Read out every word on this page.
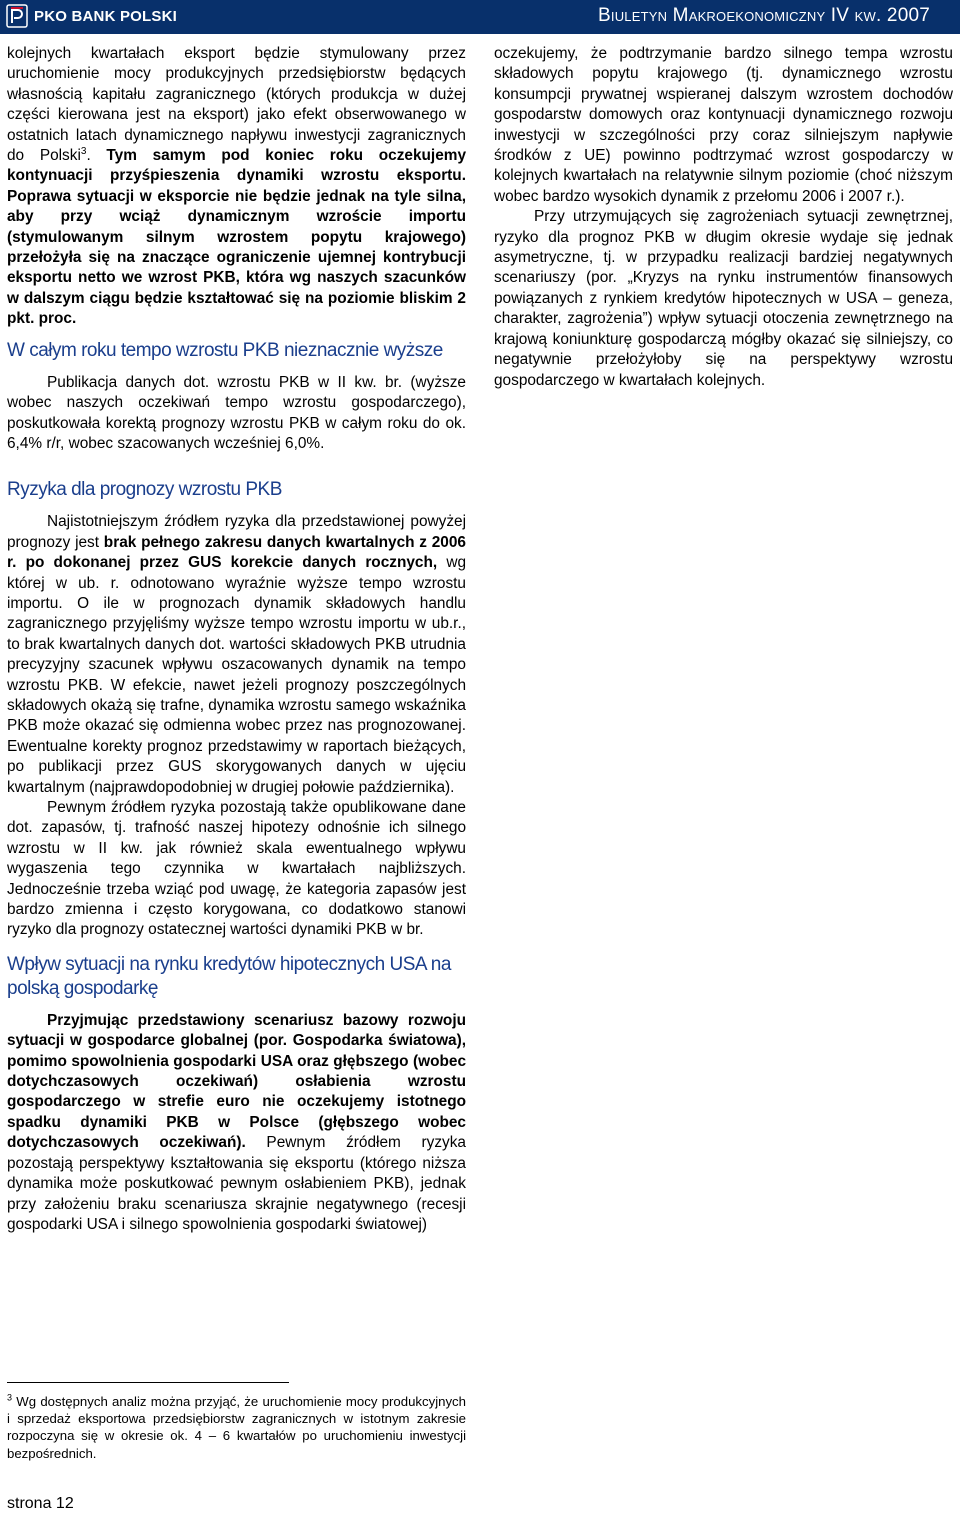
PKO BANK POLSKI	Biuletyn Makroekonomiczny IV kw. 2007

kolejnych kwartałach eksport będzie stymulowany przez uruchomienie mocy produkcyjnych przedsiębiorstw będących własnością kapitału zagranicznego (których produkcja w dużej części kierowana jest na eksport) jako efekt obserwowanego w ostatnich latach dynamicznego napływu inwestycji zagranicznych do Polski$^3$. Tym samym pod koniec roku oczekujemy kontynuacji przyśpieszenia dynamiki wzrostu eksportu. Poprawa sytuacji w eksporcie nie będzie jednak na tyle silna, aby przy wciąż dynamicznym wzroście importu (stymulowanym silnym wzrostem popytu krajowego) przełożyła się na znaczące ograniczenie ujemnej kontrybucji eksportu netto we wzrost PKB, która wg naszych szacunków w dalszym ciągu będzie kształtować się na poziomie bliskim 2 pkt. proc.

W całym roku tempo wzrostu PKB nieznacznie wyższe

Publikacja danych dot. wzrostu PKB w II kw. br. (wyższe wobec naszych oczekiwań tempo wzrostu gospodarczego), poskutkowała korektą prognozy wzrostu PKB w całym roku do ok. 6,4% r/r, wobec szacowanych wcześniej 6,0%.

Ryzyka dla prognozy wzrostu PKB

Najistotniejszym źródłem ryzyka dla przedstawionej powyżej prognozy jest brak pełnego zakresu danych kwartalnych z 2006 r. po dokonanej przez GUS korekcie danych rocznych, wg której w ub. r. odnotowano wyraźnie wyższe tempo wzrostu importu. O ile w prognozach dynamik składowych handlu zagranicznego przyjęliśmy wyższe tempo wzrostu importu w ub.r., to brak kwartalnych danych dot. wartości składowych PKB utrudnia precyzyjny szacunek wpływu oszacowanych dynamik na tempo wzrostu PKB. W efekcie, nawet jeżeli prognozy poszczególnych składowych okażą się trafne, dynamika wzrostu samego wskaźnika PKB może okazać się odmienna wobec przez nas prognozowanej. Ewentualne korekty prognoz przedstawimy w raportach bieżących, po publikacji przez GUS skorygowanych danych w ujęciu kwartalnym (najprawdopodobniej w drugiej połowie października).

Pewnym źródłem ryzyka pozostają także opublikowane dane dot. zapasów, tj. trafność naszej hipotezy odnośnie ich silnego wzrostu w II kw. jak również skala ewentualnego wpływu wygaszenia tego czynnika w kwartałach najbliższych. Jednocześnie trzeba wziąć pod uwagę, że kategoria zapasów jest bardzo zmienna i często korygowana, co dodatkowo stanowi ryzyko dla prognozy ostatecznej wartości dynamiki PKB w br.

Wpływ sytuacji na rynku kredytów hipotecznych USA na polską gospodarkę

Przyjmując przedstawiony scenariusz bazowy rozwoju sytuacji w gospodarce globalnej (por. Gospodarka światowa), pomimo spowolnienia gospodarki USA oraz głębszego (wobec dotychczasowych oczekiwań) osłabienia wzrostu gospodarczego w strefie euro nie oczekujemy istotnego spadku dynamiki PKB w Polsce (głębszego wobec dotychczasowych oczekiwań). Pewnym źródłem ryzyka pozostają perspektywy kształtowania się eksportu (którego niższa dynamika może poskutkować pewnym osłabieniem PKB), jednak przy założeniu braku scenariusza skrajnie negatywnego (recesji gospodarki USA i silnego spowolnienia gospodarki światowej)

oczekujemy, że podtrzymanie bardzo silnego tempa wzrostu składowych popytu krajowego (tj. dynamicznego wzrostu konsumpcji prywatnej wspieranej dalszym wzrostem dochodów gospodarstw domowych oraz kontynuacji dynamicznego rozwoju inwestycji w szczególności przy coraz silniejszym napływie środków z UE) powinno podtrzymać wzrost gospodarczy w kolejnych kwartałach na relatywnie silnym poziomie (choć niższym wobec bardzo wysokich dynamik z przełomu 2006 i 2007 r.).

Przy utrzymujących się zagrożeniach sytuacji zewnętrznej, ryzyko dla prognoz PKB w długim okresie wydaje się jednak asymetryczne, tj. w przypadku realizacji bardziej negatywnych scenariuszy (por. „Kryzys na rynku instrumentów finansowych powiązanych z rynkiem kredytów hipotecznych w USA – geneza, charakter, zagrożenia”) wpływ sytuacji otoczenia zewnętrznego na krajową koniunkturę gospodarczą mógłby okazać się silniejszy, co negatywnie przełożyłoby się na perspektywy wzrostu gospodarczego w kwartałach kolejnych.

$^3$ Wg dostępnych analiz można przyjąć, że uruchomienie mocy produkcyjnych i sprzedaż eksportowa przedsiębiorstw zagranicznych w istotnym zakresie rozpoczyna się w okresie ok. 4 – 6 kwartałów po uruchomieniu inwestycji bezpośrednich.

strona 12
